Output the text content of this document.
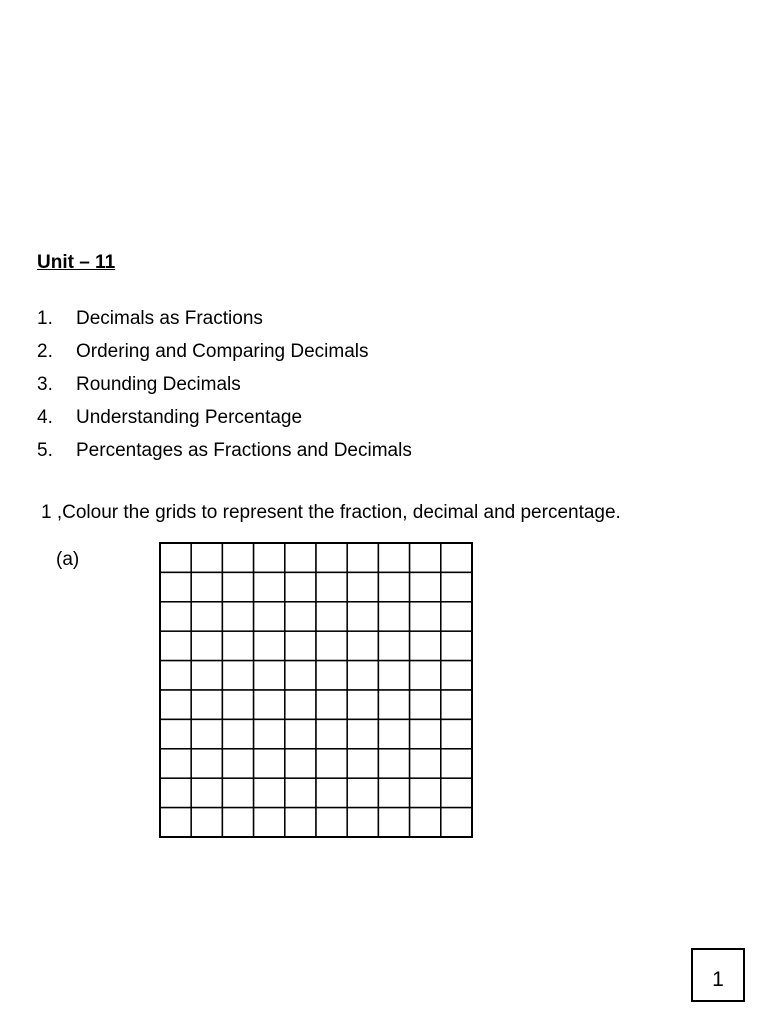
Unit – 11
1.	Decimals as Fractions
2.	Ordering and Comparing Decimals
3.	Rounding Decimals
4.	Understanding Percentage
5.	Percentages as Fractions and Decimals

1 ,Colour the grids to represent the fraction, decimal and percentage.

(a)
1
